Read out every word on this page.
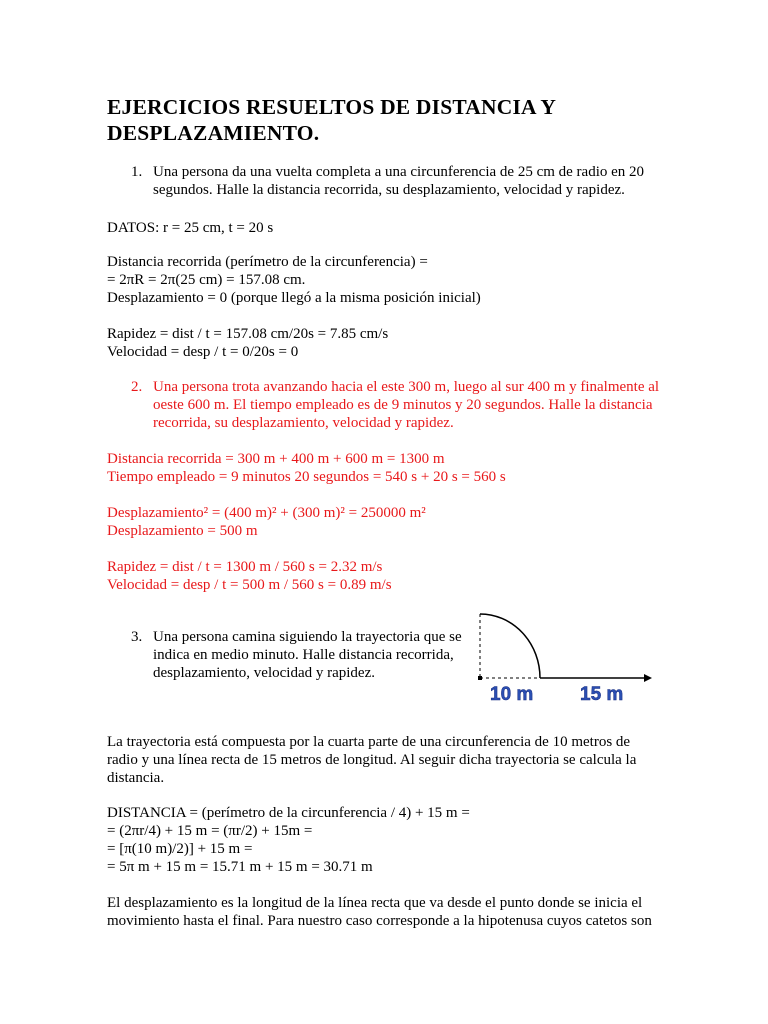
EJERCICIOS RESUELTOS DE DISTANCIA Y
DESPLAZAMIENTO.
1. Una persona da una vuelta completa a una circunferencia de 25 cm de radio en 20
segundos. Halle la distancia recorrida, su desplazamiento, velocidad y rapidez.
DATOS: r = 25 cm, t = 20 s
Distancia recorrida (perímetro de la circunferencia) =
= 2πR = 2π(25 cm) = 157.08 cm.
Desplazamiento = 0 (porque llegó a la misma posición inicial)
Rapidez = dist / t = 157.08 cm/20s = 7.85 cm/s
Velocidad = desp / t = 0/20s = 0
2. Una persona trota avanzando hacia el este 300 m, luego al sur 400 m y finalmente al
oeste 600 m. El tiempo empleado es de 9 minutos y 20 segundos. Halle la distancia
recorrida, su desplazamiento, velocidad y rapidez.
Distancia recorrida = 300 m + 400 m + 600 m = 1300 m
Tiempo empleado = 9 minutos 20 segundos = 540 s + 20 s = 560 s
Desplazamiento² = (400 m)² + (300 m)² = 250000 m²
Desplazamiento = 500 m
Rapidez = dist / t = 1300 m / 560 s = 2.32 m/s
Velocidad = desp / t = 500 m / 560 s = 0.89 m/s
3. Una persona camina siguiendo la trayectoria que se
indica en medio minuto. Halle distancia recorrida,
desplazamiento, velocidad y rapidez.
10 m 15 m
La trayectoria está compuesta por la cuarta parte de una circunferencia de 10 metros de
radio y una línea recta de 15 metros de longitud. Al seguir dicha trayectoria se calcula la
distancia.
DISTANCIA = (perímetro de la circunferencia / 4) + 15 m =
= (2πr/4) + 15 m = (πr/2) + 15m =
= [π(10 m)/2)] + 15 m =
= 5π m + 15 m = 15.71 m + 15 m = 30.71 m
El desplazamiento es la longitud de la línea recta que va desde el punto donde se inicia el
movimiento hasta el final. Para nuestro caso corresponde a la hipotenusa cuyos catetos son
